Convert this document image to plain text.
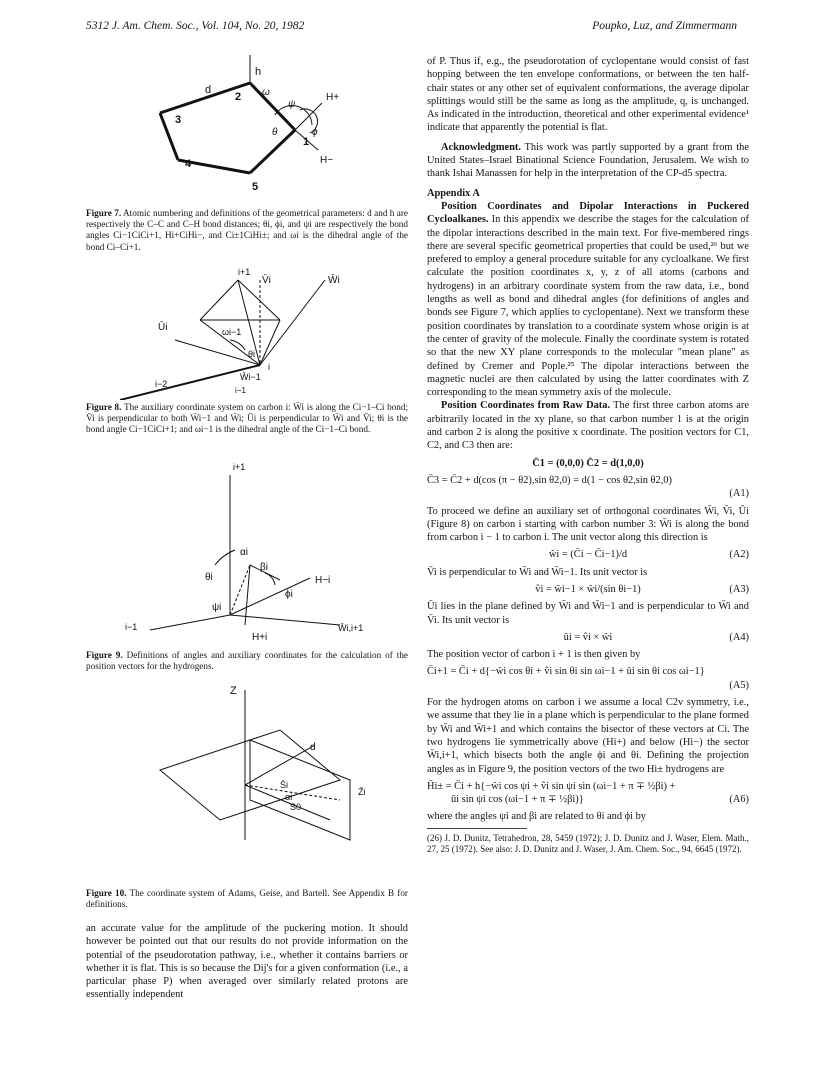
5312 J. Am. Chem. Soc., Vol. 104, No. 20, 1982	Poupko, Luz, and Zimmermann
d
h
1
2
3
4
5
ω
ψ
θ	ϕ
H+
H−
Figure 7. Atomic numbering and definitions of the geometrical parameters: d and h are respectively the C–C and C–H bond distances; θi, ϕi, and ψi are respectively the bond angles Ci−1CiCi+1, Hi+CiHi−, and Ci±1CiHi±; and ωi is the dihedral angle of the bond Ci–Ci+1.
i+1
V̄i	W̄i
Ūi	ωi−1
θi
i
W̄i−1
i−2
i−1
Figure 8. The auxiliary coordinate system on carbon i: W̄i is along the Ci−1–Ci bond; V̄i is perpendicular to both W̄i−1 and W̄i; Ūi is perpendicular to W̄i and V̄i; θi is the bond angle Ci−1CiCi+1; and ωi−1 is the dihedral angle of the Ci−1–Ci bond.
i+1
θi
αi
βi
ϕi
ψi
H−i
H+i
i−1	W̄i,i+1
Figure 9. Definitions of angles and auxiliary coordinates for the calculation of the position vectors for the hydrogens.
Z
d
S̄i
αi
S0
Z̄i
Figure 10. The coordinate system of Adams, Geise, and Bartell. See Appendix B for definitions.

an accurate value for the amplitude of the puckering motion. It should however be pointed out that our results do not provide information on the potential of the pseudorotation pathway, i.e., whether it contains barriers or whether it is flat. This is so because the Dij's for a given conformation (i.e., a particular phase P) when averaged over similarly related protons are essentially independent

of P. Thus if, e.g., the pseudorotation of cyclopentane would consist of fast hopping between the ten envelope conformations, or between the ten half-chair states or any other set of equivalent conformations, the average dipolar splittings would still be the same as long as the amplitude, q, is unchanged. As indicated in the introduction, theoretical and other experimental evidence¹ indicate that apparently the potential is flat.

Acknowledgment. This work was partly supported by a grant from the United States–Israel Binational Science Foundation, Jerusalem. We wish to thank Ishai Manassen for help in the interpretation of the CP-d5 spectra.

Appendix A

Position Coordinates and Dipolar Interactions in Puckered Cycloalkanes. In this appendix we describe the stages for the calculation of the dipolar interactions described in the main text. For five-membered rings there are several specific geometrical properties that could be used,²⁶ but we prefered to employ a general procedure suitable for any cycloalkane. We first calculate the position coordinates x, y, z of all atoms (carbons and hydrogens) in an arbitrary coordinate system from the raw data, i.e., bond lengths as well as bond and dihedral angles (for definitions of angles and bonds see Figure 7, which applies to cyclopentane). Next we transform these position coordinates by translation to a coordinate system whose origin is at the center of gravity of the molecule. Finally the coordinate system is rotated so that the new XY plane corresponds to the molecular "mean plane" as defined by Cremer and Pople.²⁵ The dipolar interactions between the magnetic nuclei are then calculated by using the latter coordinates with Z corresponding to the mean symmetry axis of the molecule.

Position Coordinates from Raw Data. The first three carbon atoms are arbitrarily located in the xy plane, so that carbon number 1 is at the origin and carbon 2 is along the positive x coordinate. The position vectors for C1, C2, and C3 then are:

C̄1 = (0,0,0) C̄2 = d(1,0,0)
C̄3 = C̄2 + d(cos (π − θ2),sin θ2,0) = d(1 − cos θ2,sin θ2,0)
(A1)

To proceed we define an auxiliary set of orthogonal coordinates W̄i, V̄i, Ūi (Figure 8) on carbon i starting with carbon number 3: W̄i is along the bond from carbon i − 1 to carbon i. The unit vector along this direction is

ŵi = (C̄i − C̄i−1)/d	(A2)

V̄i is perpendicular to W̄i and W̄i−1. Its unit vector is

v̂i = ŵi−1 × ŵi/(sin θi−1)	(A3)

Ūi lies in the plane defined by W̄i and W̄i−1 and is perpendicular to W̄i and V̄i. Its unit vector is

ûi = v̂i × ŵi	(A4)

The position vector of carbon i + 1 is then given by

C̄i+1 = C̄i + d{−ŵi cos θi + v̂i sin θi sin ωi−1 + ûi sin θi cos ωi−1}

(A5)

For the hydrogen atoms on carbon i we assume a local C2v symmetry, i.e., we assume that they lie in a plane which is perpendicular to the plane formed by W̄i and W̄i+1 and which contains the bisector of these vectors at Ci. The two hydrogens lie symmetrically above (Hi+) and below (Hi−) the sector W̄i,i+1, which bisects both the angle ϕi and θi. Defining the projection angles as in Figure 9, the position vectors of the two Hi± hydrogens are

H̄i± = C̄i + h{−ŵi cos ψi + v̂i sin ψi sin (ωi−1 + π ∓ ½βi) +
ûi sin ψi cos (ωi−1 + π ∓ ½βi)}	(A6)

where the angles ψi and βi are related to θi and ϕi by

(26) J. D. Dunitz, Tetrahedron, 28, 5459 (1972); J. D. Dunitz and J. Waser, Elem. Math., 27, 25 (1972). See also: J. D. Dunitz and J. Waser, J. Am. Chem. Soc., 94, 6645 (1972).
